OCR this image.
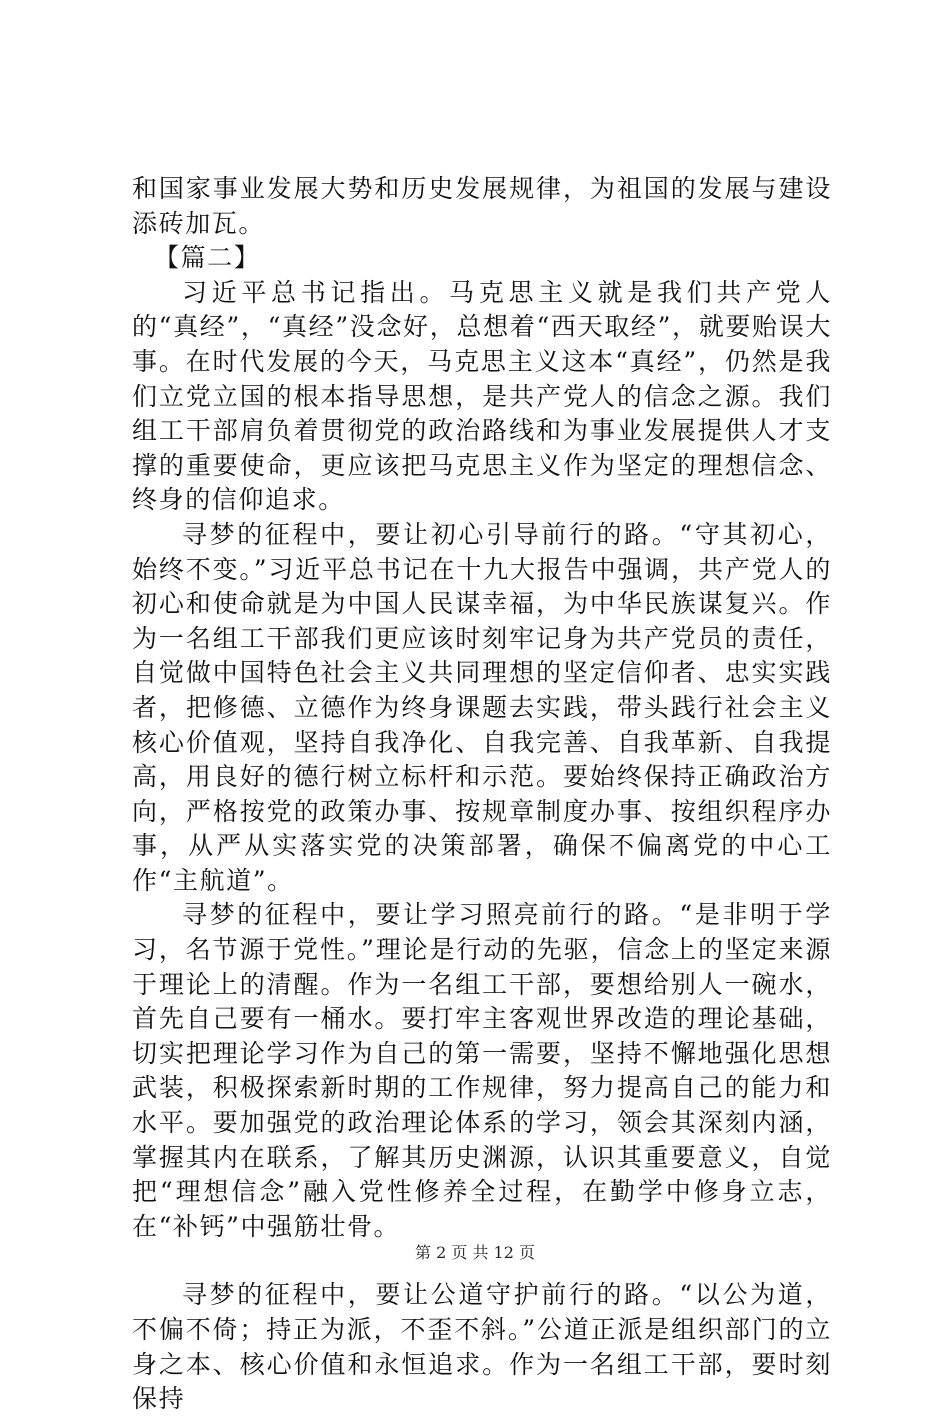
和国家事业发展大势和历史发展规律，为祖国的发展与建设添砖加瓦。

【篇二】

习近平总书记指出。马克思主义就是我们共产党人的“真经”，“真经”没念好，总想着“西天取经”，就要贻误大事。在时代发展的今天，马克思主义这本“真经”，仍然是我们立党立国的根本指导思想，是共产党人的信念之源。我们组工干部肩负着贯彻党的政治路线和为事业发展提供人才支撑的重要使命，更应该把马克思主义作为坚定的理想信念、终身的信仰追求。

寻梦的征程中，要让初心引导前行的路。“守其初心，始终不变。”习近平总书记在十九大报告中强调，共产党人的初心和使命就是为中国人民谋幸福，为中华民族谋复兴。作为一名组工干部我们更应该时刻牢记身为共产党员的责任，自觉做中国特色社会主义共同理想的坚定信仰者、忠实实践者，把修德、立德作为终身课题去实践，带头践行社会主义核心价值观，坚持自我净化、自我完善、自我革新、自我提高，用良好的德行树立标杆和示范。要始终保持正确政治方向，严格按党的政策办事、按规章制度办事、按组织程序办事，从严从实落实党的决策部署，确保不偏离党的中心工作“主航道”。

寻梦的征程中，要让学习照亮前行的路。“是非明于学习，名节源于党性。”理论是行动的先驱，信念上的坚定来源于理论上的清醒。作为一名组工干部，要想给别人一碗水，首先自己要有一桶水。要打牢主客观世界改造的理论基础，切实把理论学习作为自己的第一需要，坚持不懈地强化思想武装，积极探索新时期的工作规律，努力提高自己的能力和水平。要加强党的政治理论体系的学习，领会其深刻内涵，掌握其内在联系，了解其历史渊源，认识其重要意义，自觉把“理想信念”融入党性修养全过程，在勤学中修身立志，在“补钙”中强筋壮骨。

寻梦的征程中，要让公道守护前行的路。“以公为道，不偏不倚；持正为派，不歪不斜。”公道正派是组织部门的立身之本、核心价值和永恒追求。作为一名组工干部，要时刻保持

第 2 页 共 12 页
